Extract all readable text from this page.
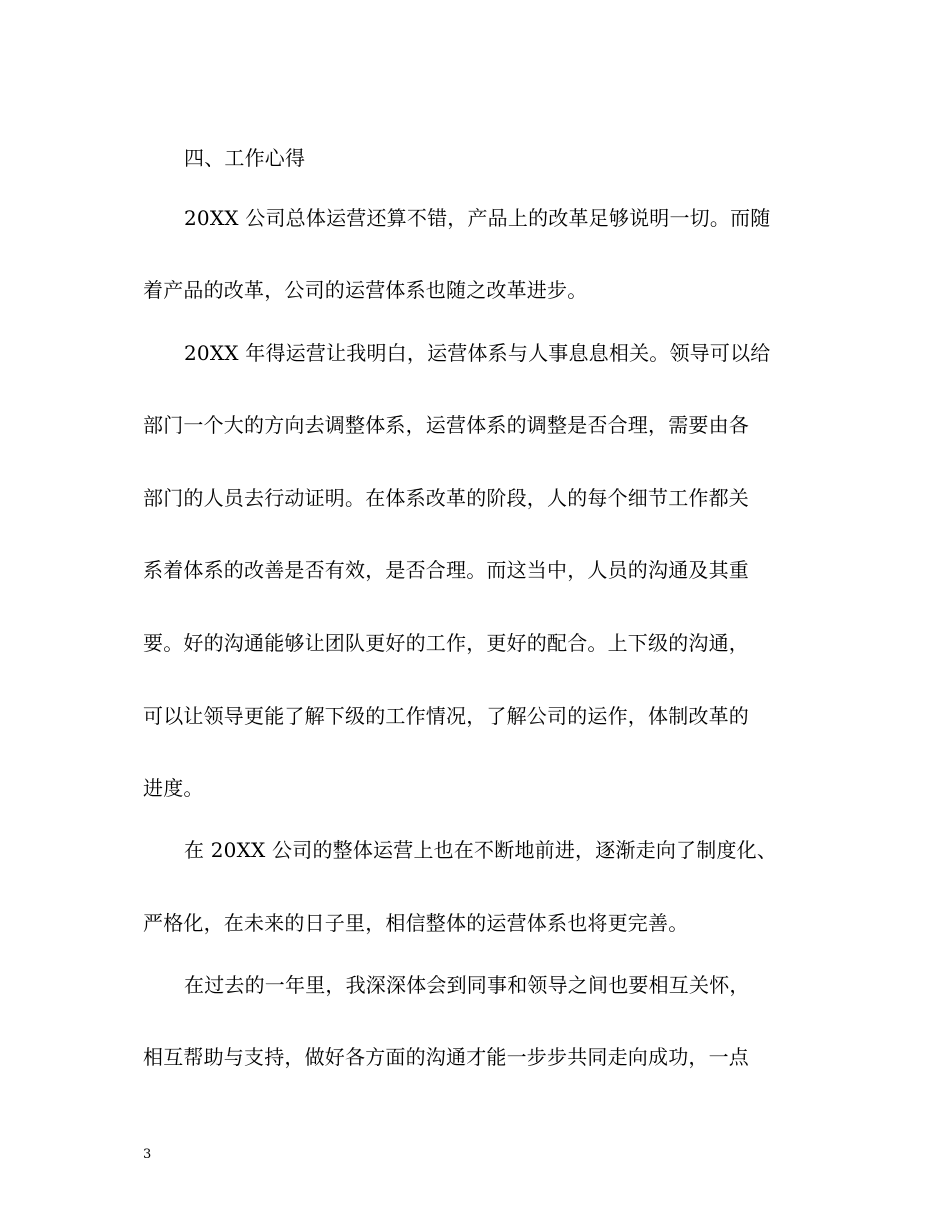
四、工作心得
20XX 公司总体运营还算不错，产品上的改革足够说明一切。而随
着产品的改革，公司的运营体系也随之改革进步。
20XX 年得运营让我明白，运营体系与人事息息相关。领导可以给
部门一个大的方向去调整体系，运营体系的调整是否合理，需要由各
部门的人员去行动证明。在体系改革的阶段，人的每个细节工作都关
系着体系的改善是否有效，是否合理。而这当中，人员的沟通及其重
要。好的沟通能够让团队更好的工作，更好的配合。上下级的沟通，
可以让领导更能了解下级的工作情况，了解公司的运作，体制改革的
进度。
在 20XX 公司的整体运营上也在不断地前进，逐渐走向了制度化、
严格化，在未来的日子里，相信整体的运营体系也将更完善。
在过去的一年里，我深深体会到同事和领导之间也要相互关怀，
相互帮助与支持，做好各方面的沟通才能一步步共同走向成功，一点
3
